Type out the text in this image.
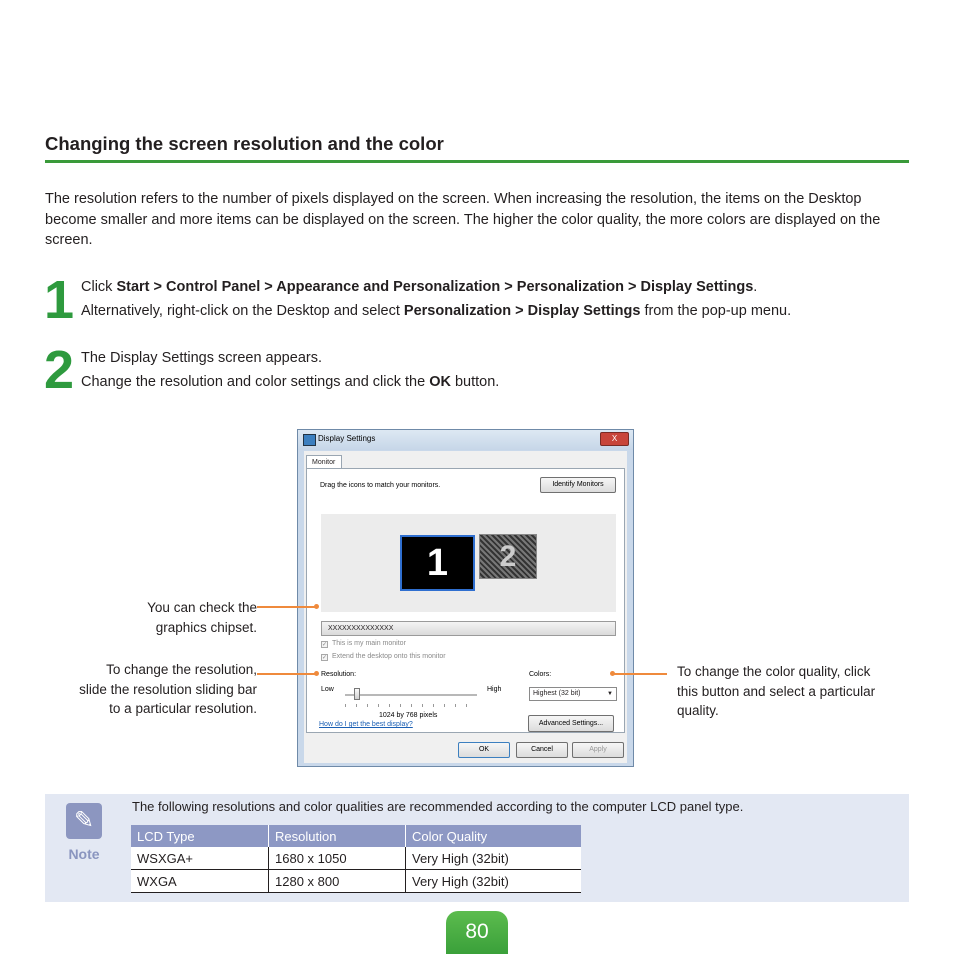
Changing the screen resolution and the color
The resolution refers to the number of pixels displayed on the screen. When increasing the resolution, the items on the Desktop become smaller and more items can be displayed on the screen. The higher the color quality, the more colors are displayed on the screen.
1 Click Start > Control Panel > Appearance and Personalization > Personalization > Display Settings.
Alternatively, right-click on the Desktop and select Personalization > Display Settings from the pop-up menu.
2 The Display Settings screen appears.
Change the resolution and color settings and click the OK button.
Display Settings	X
Monitor
Drag the icons to match your monitors.	Identify Monitors
2
1
XXXXXXXXXXXXXX
✓ This is my main monitor
✓ Extend the desktop onto this monitor
Resolution:
Low	High
1024 by 768 pixels
Colors:
Highest (32 bit)	▼
How do I get the best display?	Advanced Settings...
OK	Cancel	Apply
You can check the
graphics chipset.
To change the resolution,
slide the resolution sliding bar
to a particular resolution.
To change the color quality, click
this button and select a particular
quality.
✎
Note
The following resolutions and color qualities are recommended according to the computer LCD panel type.
LCD Type	Resolution	Color Quality
WSXGA+	1680 x 1050	Very High (32bit)
WXGA	1280 x 800	Very High (32bit)
80
